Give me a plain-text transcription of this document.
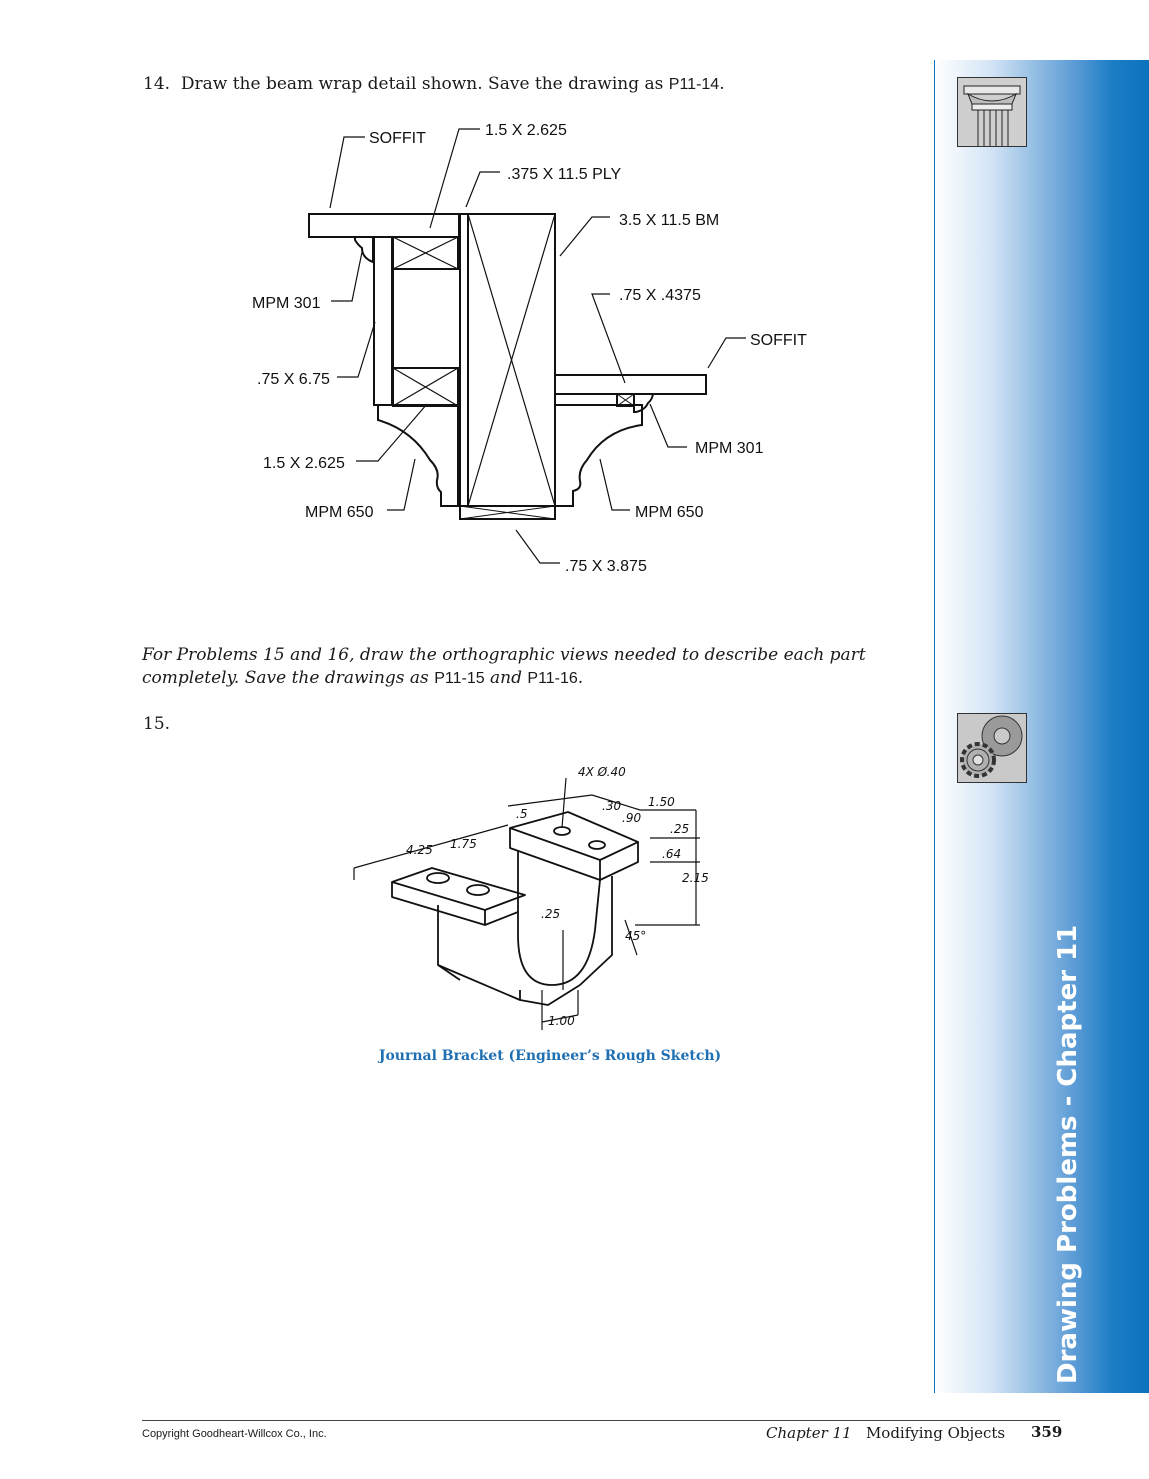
14. Draw the beam wrap detail shown. Save the drawing as P11-14.
SOFFIT	1.5 X 2.625
.375 X 11.5 PLY
3.5 X 11.5 BM
MPM 301	.75 X .4375
SOFFIT
.75 X 6.75
MPM 301
1.5 X 2.625
MPM 650	MPM 650
.75 X 3.875
For Problems 15 and 16, draw the orthographic views needed to describe each part completely. Save the drawings as P11-15 and P11-16.
15.
4X Ø.40
.5
.30 1.50
.90
4.25 1.75
.25
.64
2.15
.25
45°
1.00
Journal Bracket (Engineer’s Rough Sketch)	Drawing Problems - Chapter 11
Copyright Goodheart-Willcox Co., Inc.	Chapter 11 Modifying Objects 359
